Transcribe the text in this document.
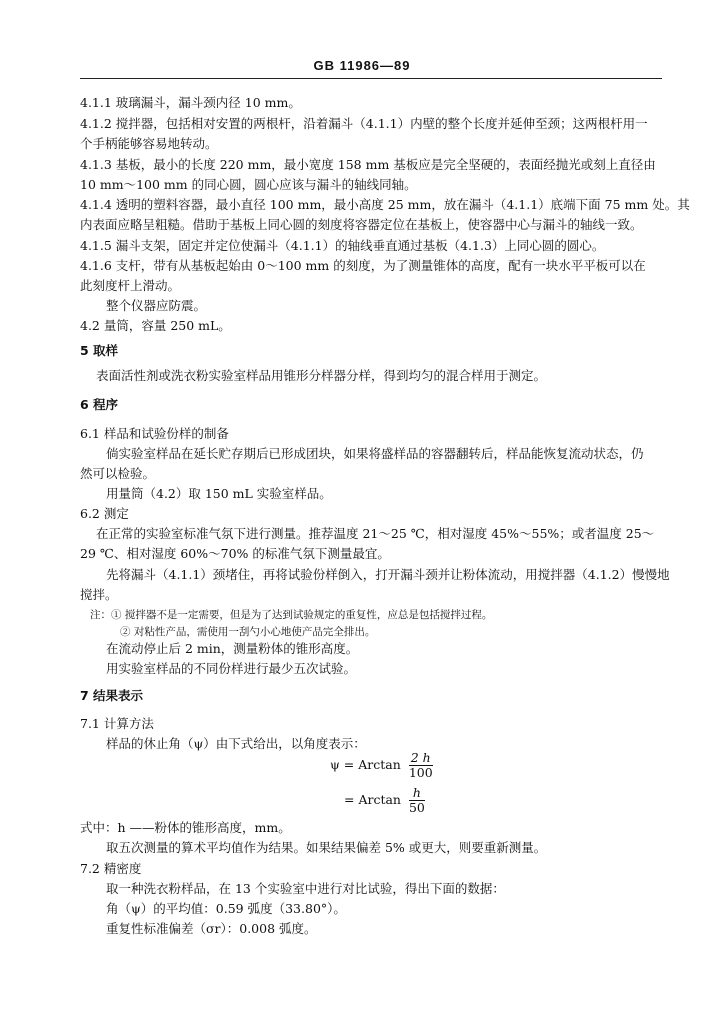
GB 11986—89
4.1.1 玻璃漏斗，漏斗颈内径 10 mm。
4.1.2 搅拌器，包括相对安置的两根杆，沿着漏斗（4.1.1）内壁的整个长度并延伸至颈；这两根杆用一
个手柄能够容易地转动。
4.1.3 基板，最小的长度 220 mm，最小宽度 158 mm 基板应是完全坚硬的，表面经抛光或刻上直径由
10 mm～100 mm 的同心圆，圆心应该与漏斗的轴线同轴。
4.1.4 透明的塑料容器，最小直径 100 mm，最小高度 25 mm，放在漏斗（4.1.1）底端下面 75 mm 处。其
内表面应略呈粗糙。借助于基板上同心圆的刻度将容器定位在基板上，使容器中心与漏斗的轴线一致。
4.1.5 漏斗支架，固定并定位使漏斗（4.1.1）的轴线垂直通过基板（4.1.3）上同心圆的圆心。
4.1.6 支杆，带有从基板起始由 0～100 mm 的刻度，为了测量锥体的高度，配有一块水平平板可以在
此刻度杆上滑动。
整个仪器应防震。
4.2 量筒，容量 250 mL。
5 取样
表面活性剂或洗衣粉实验室样品用锥形分样器分样，得到均匀的混合样用于测定。
6 程序
6.1 样品和试验份样的制备
倘实验室样品在延长贮存期后已形成团块，如果将盛样品的容器翻转后，样品能恢复流动状态，仍
然可以检验。
用量筒（4.2）取 150 mL 实验室样品。
6.2 测定
在正常的实验室标准气氛下进行测量。推荐温度 21～25 ℃，相对湿度 45%～55%；或者温度 25～
29 ℃、相对湿度 60%～70% 的标准气氛下测量最宜。
先将漏斗（4.1.1）颈堵住，再将试验份样倒入，打开漏斗颈并让粉体流动，用搅拌器（4.1.2）慢慢地
搅拌。
注：① 搅拌器不是一定需要，但是为了达到试验规定的重复性，应总是包括搅拌过程。
② 对粘性产品，需使用一刮勺小心地使产品完全排出。
在流动停止后 2 min，测量粉体的锥形高度。
用实验室样品的不同份样进行最少五次试验。
7 结果表示
7.1 计算方法
样品的休止角（ψ）由下式给出，以角度表示：
ψ = Arctan $\frac{2 h}{100}$
= Arctan $\frac{h}{50}$
式中：h ——粉体的锥形高度，mm。
取五次测量的算术平均值作为结果。如果结果偏差 5% 或更大，则要重新测量。
7.2 精密度
取一种洗衣粉样品，在 13 个实验室中进行对比试验，得出下面的数据：
角（ψ）的平均值：0.59 弧度（33.80°）。
重复性标准偏差（σr）：0.008 弧度。
